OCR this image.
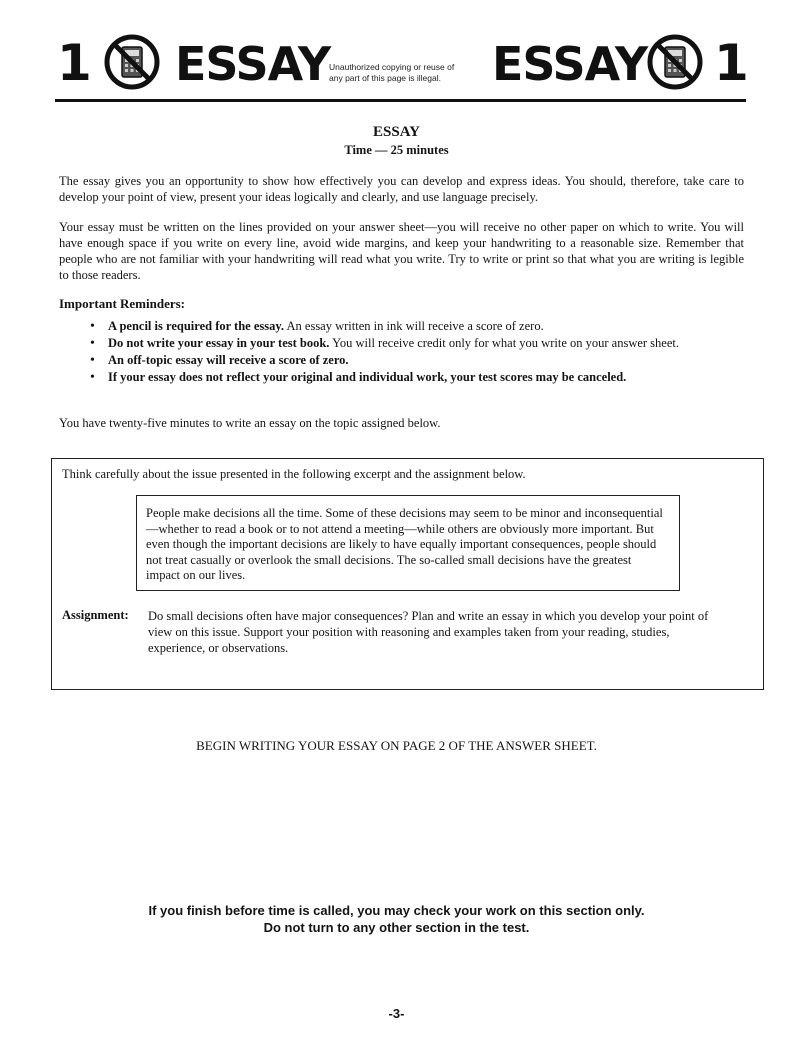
1 ESSAY
Unauthorized copying or reuse of
any part of this page is illegal. ESSAY 1
ESSAY
Time — 25 minutes
The essay gives you an opportunity to show how effectively you can develop and express ideas. You should, therefore, take care to develop your point of view, present your ideas logically and clearly, and use language precisely.
Your essay must be written on the lines provided on your answer sheet—you will receive no other paper on which to write. You will have enough space if you write on every line, avoid wide margins, and keep your handwriting to a reasonable size. Remember that people who are not familiar with your handwriting will read what you write. Try to write or print so that what you are writing is legible to those readers.
Important Reminders:
• A pencil is required for the essay. An essay written in ink will receive a score of zero.
• Do not write your essay in your test book. You will receive credit only for what you write on your answer sheet.
• An off-topic essay will receive a score of zero.
• If your essay does not reflect your original and individual work, your test scores may be canceled.
You have twenty-five minutes to write an essay on the topic assigned below.
Think carefully about the issue presented in the following excerpt and the assignment below.
People make decisions all the time. Some of these decisions may seem to be minor and inconsequential—whether to read a book or to not attend a meeting—while others are obviously more important. But even though the important decisions are likely to have equally important consequences, people should not treat casually or overlook the small decisions. The so-called small decisions have the greatest impact on our lives.
Assignment: Do small decisions often have major consequences? Plan and write an essay in which you develop your point of view on this issue. Support your position with reasoning and examples taken from your reading, studies, experience, or observations.
BEGIN WRITING YOUR ESSAY ON PAGE 2 OF THE ANSWER SHEET.
If you finish before time is called, you may check your work on this section only.
Do not turn to any other section in the test.
-3-
